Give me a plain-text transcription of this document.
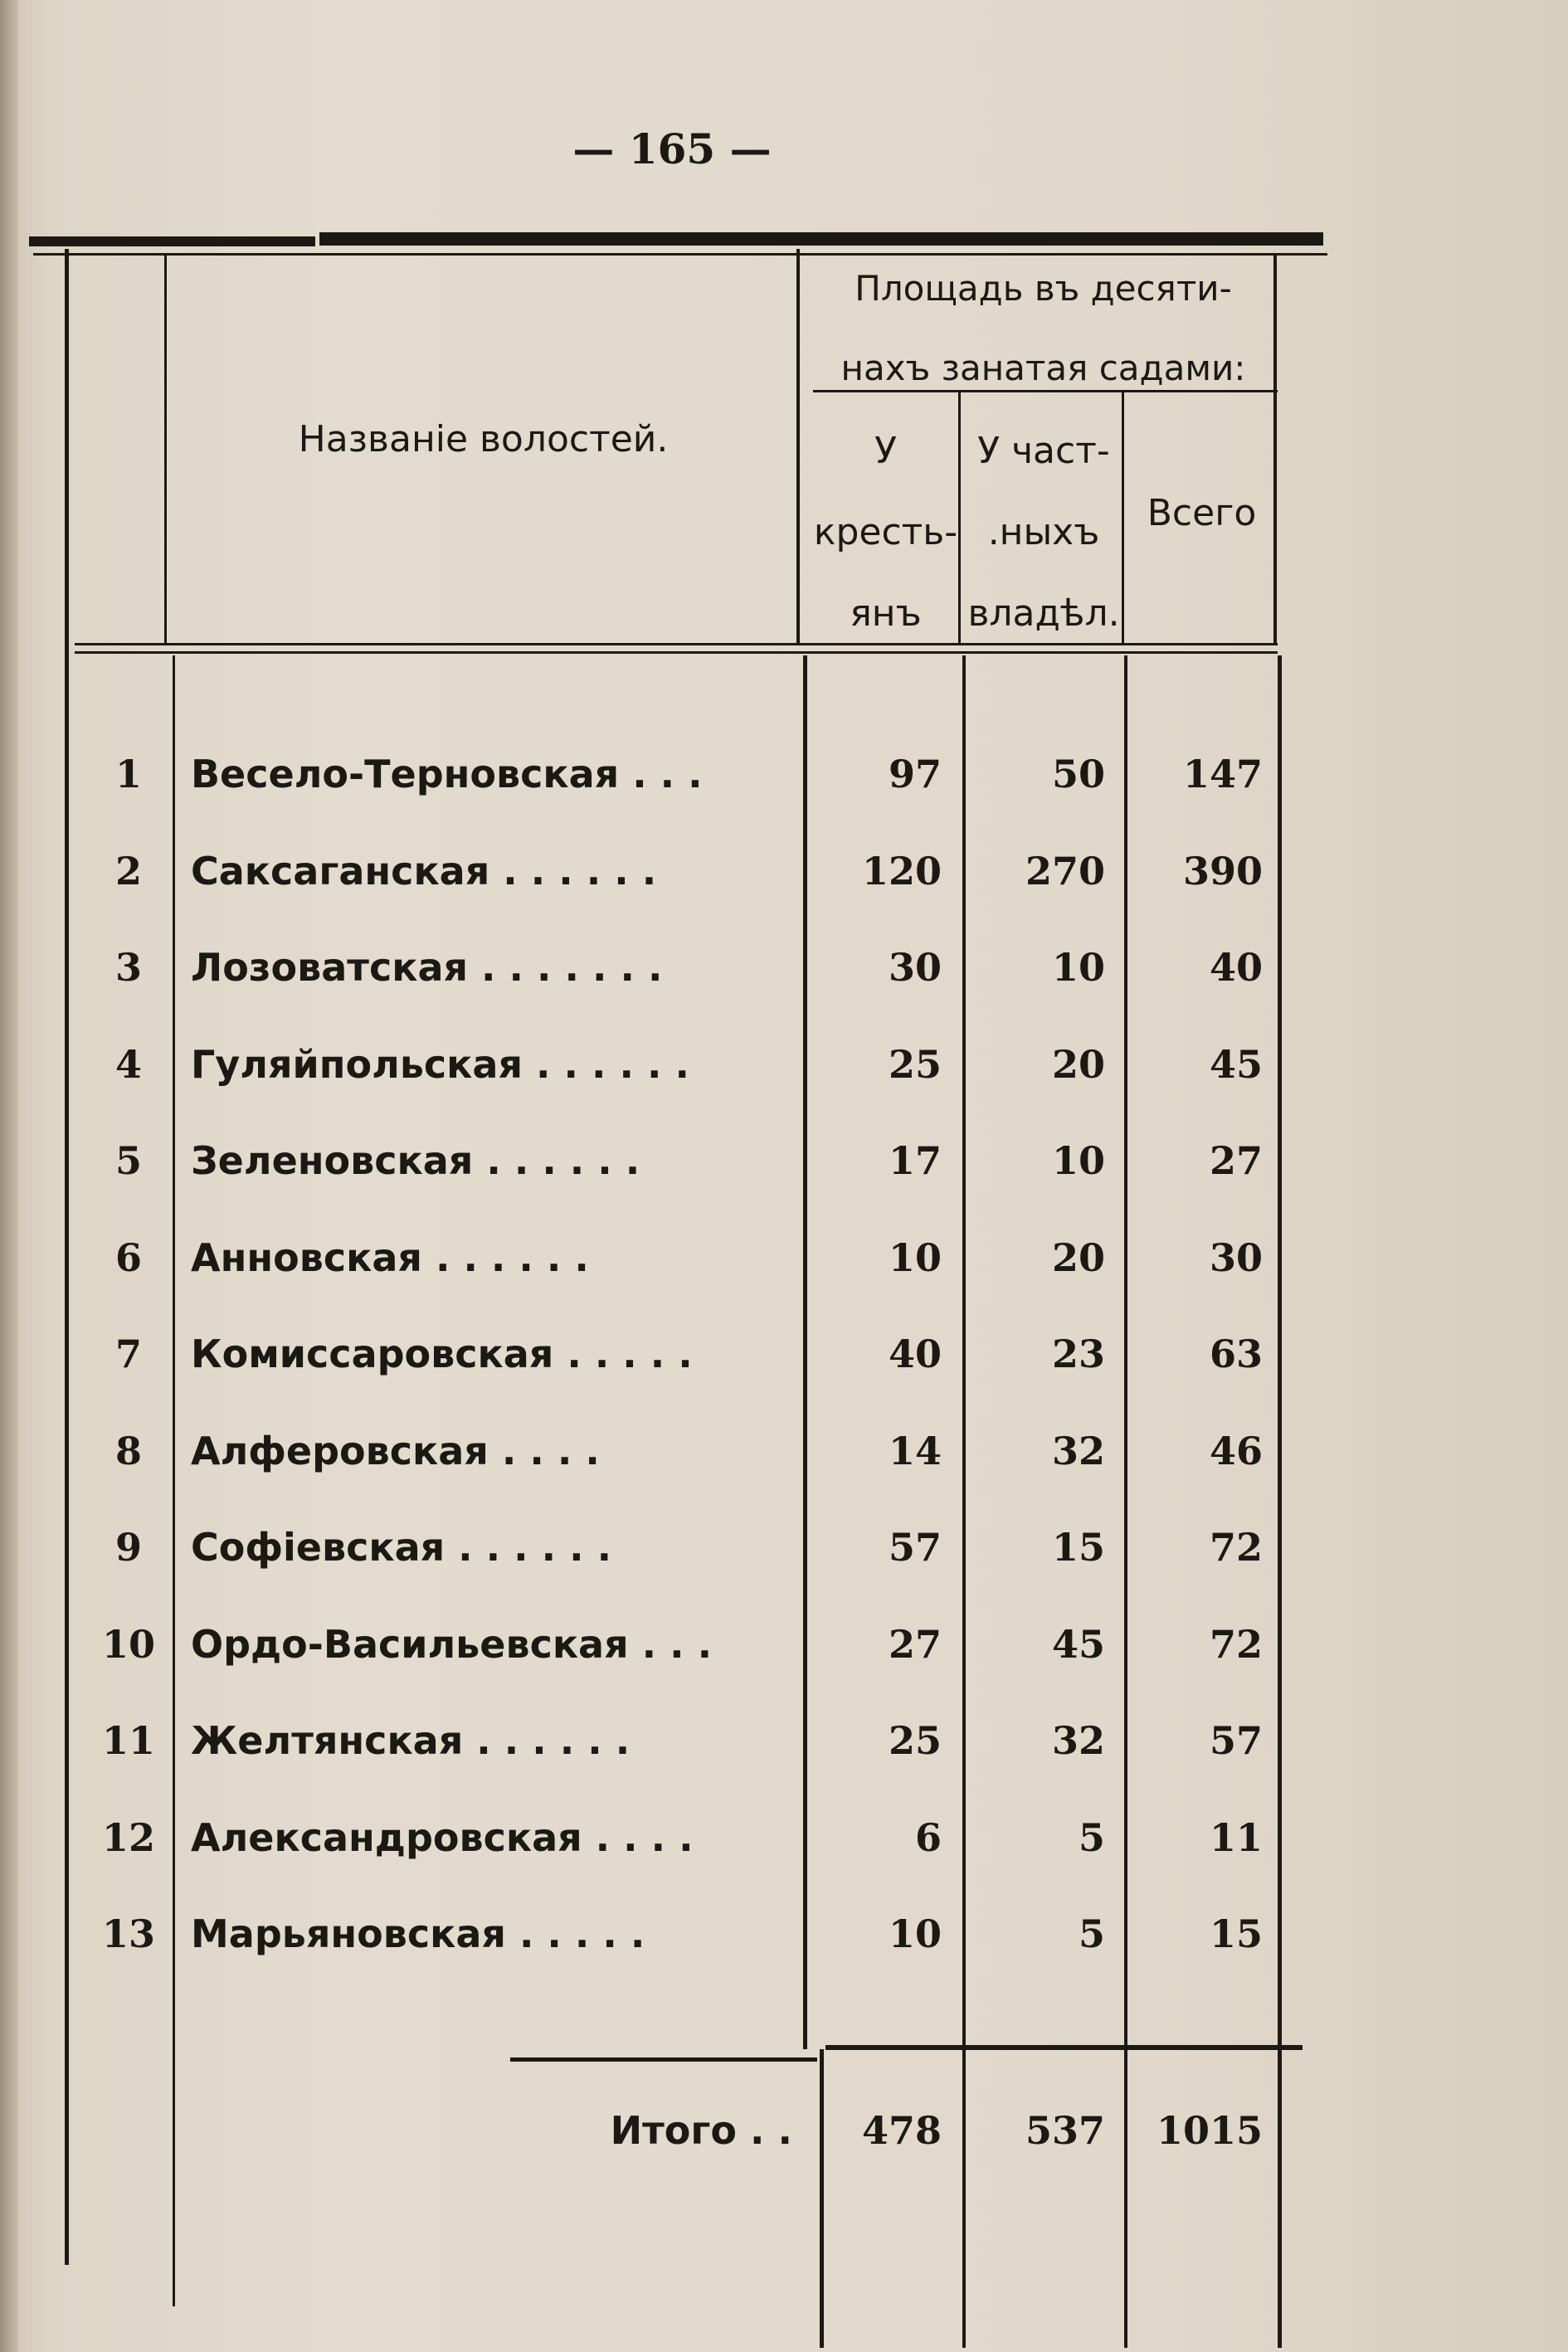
— 165 —
Названіе волостей.
Площадь въ десяти-
нахъ занатая садами:
У
кресть-
янъ
У част-
.ныхъ
владѣл.
Всего
1	Весело-Терновская . . .	97	50	147
2	Саксаганская . . . . . .	120	270	390
3	Лозоватская . . . . . . .	30	10	40
4	Гуляйпольская . . . . . .	25	20	45
5	Зеленовская . . . . . .	17	10	27
6	Анновская . . . . . .	10	20	30
7	Комиссаровская . . . . .	40	23	63
8	Алферовская . . . .	14	32	46
9	Софіевская . . . . . .	57	15	72
10 Ордо-Васильевская . . .	27	45	72
11 Желтянская . . . . . .	25	32	57
12 Александровская . . . .	6	5	11
13 Марьяновская . . . . .	10	5	15
Итого . .	478	537	1015
